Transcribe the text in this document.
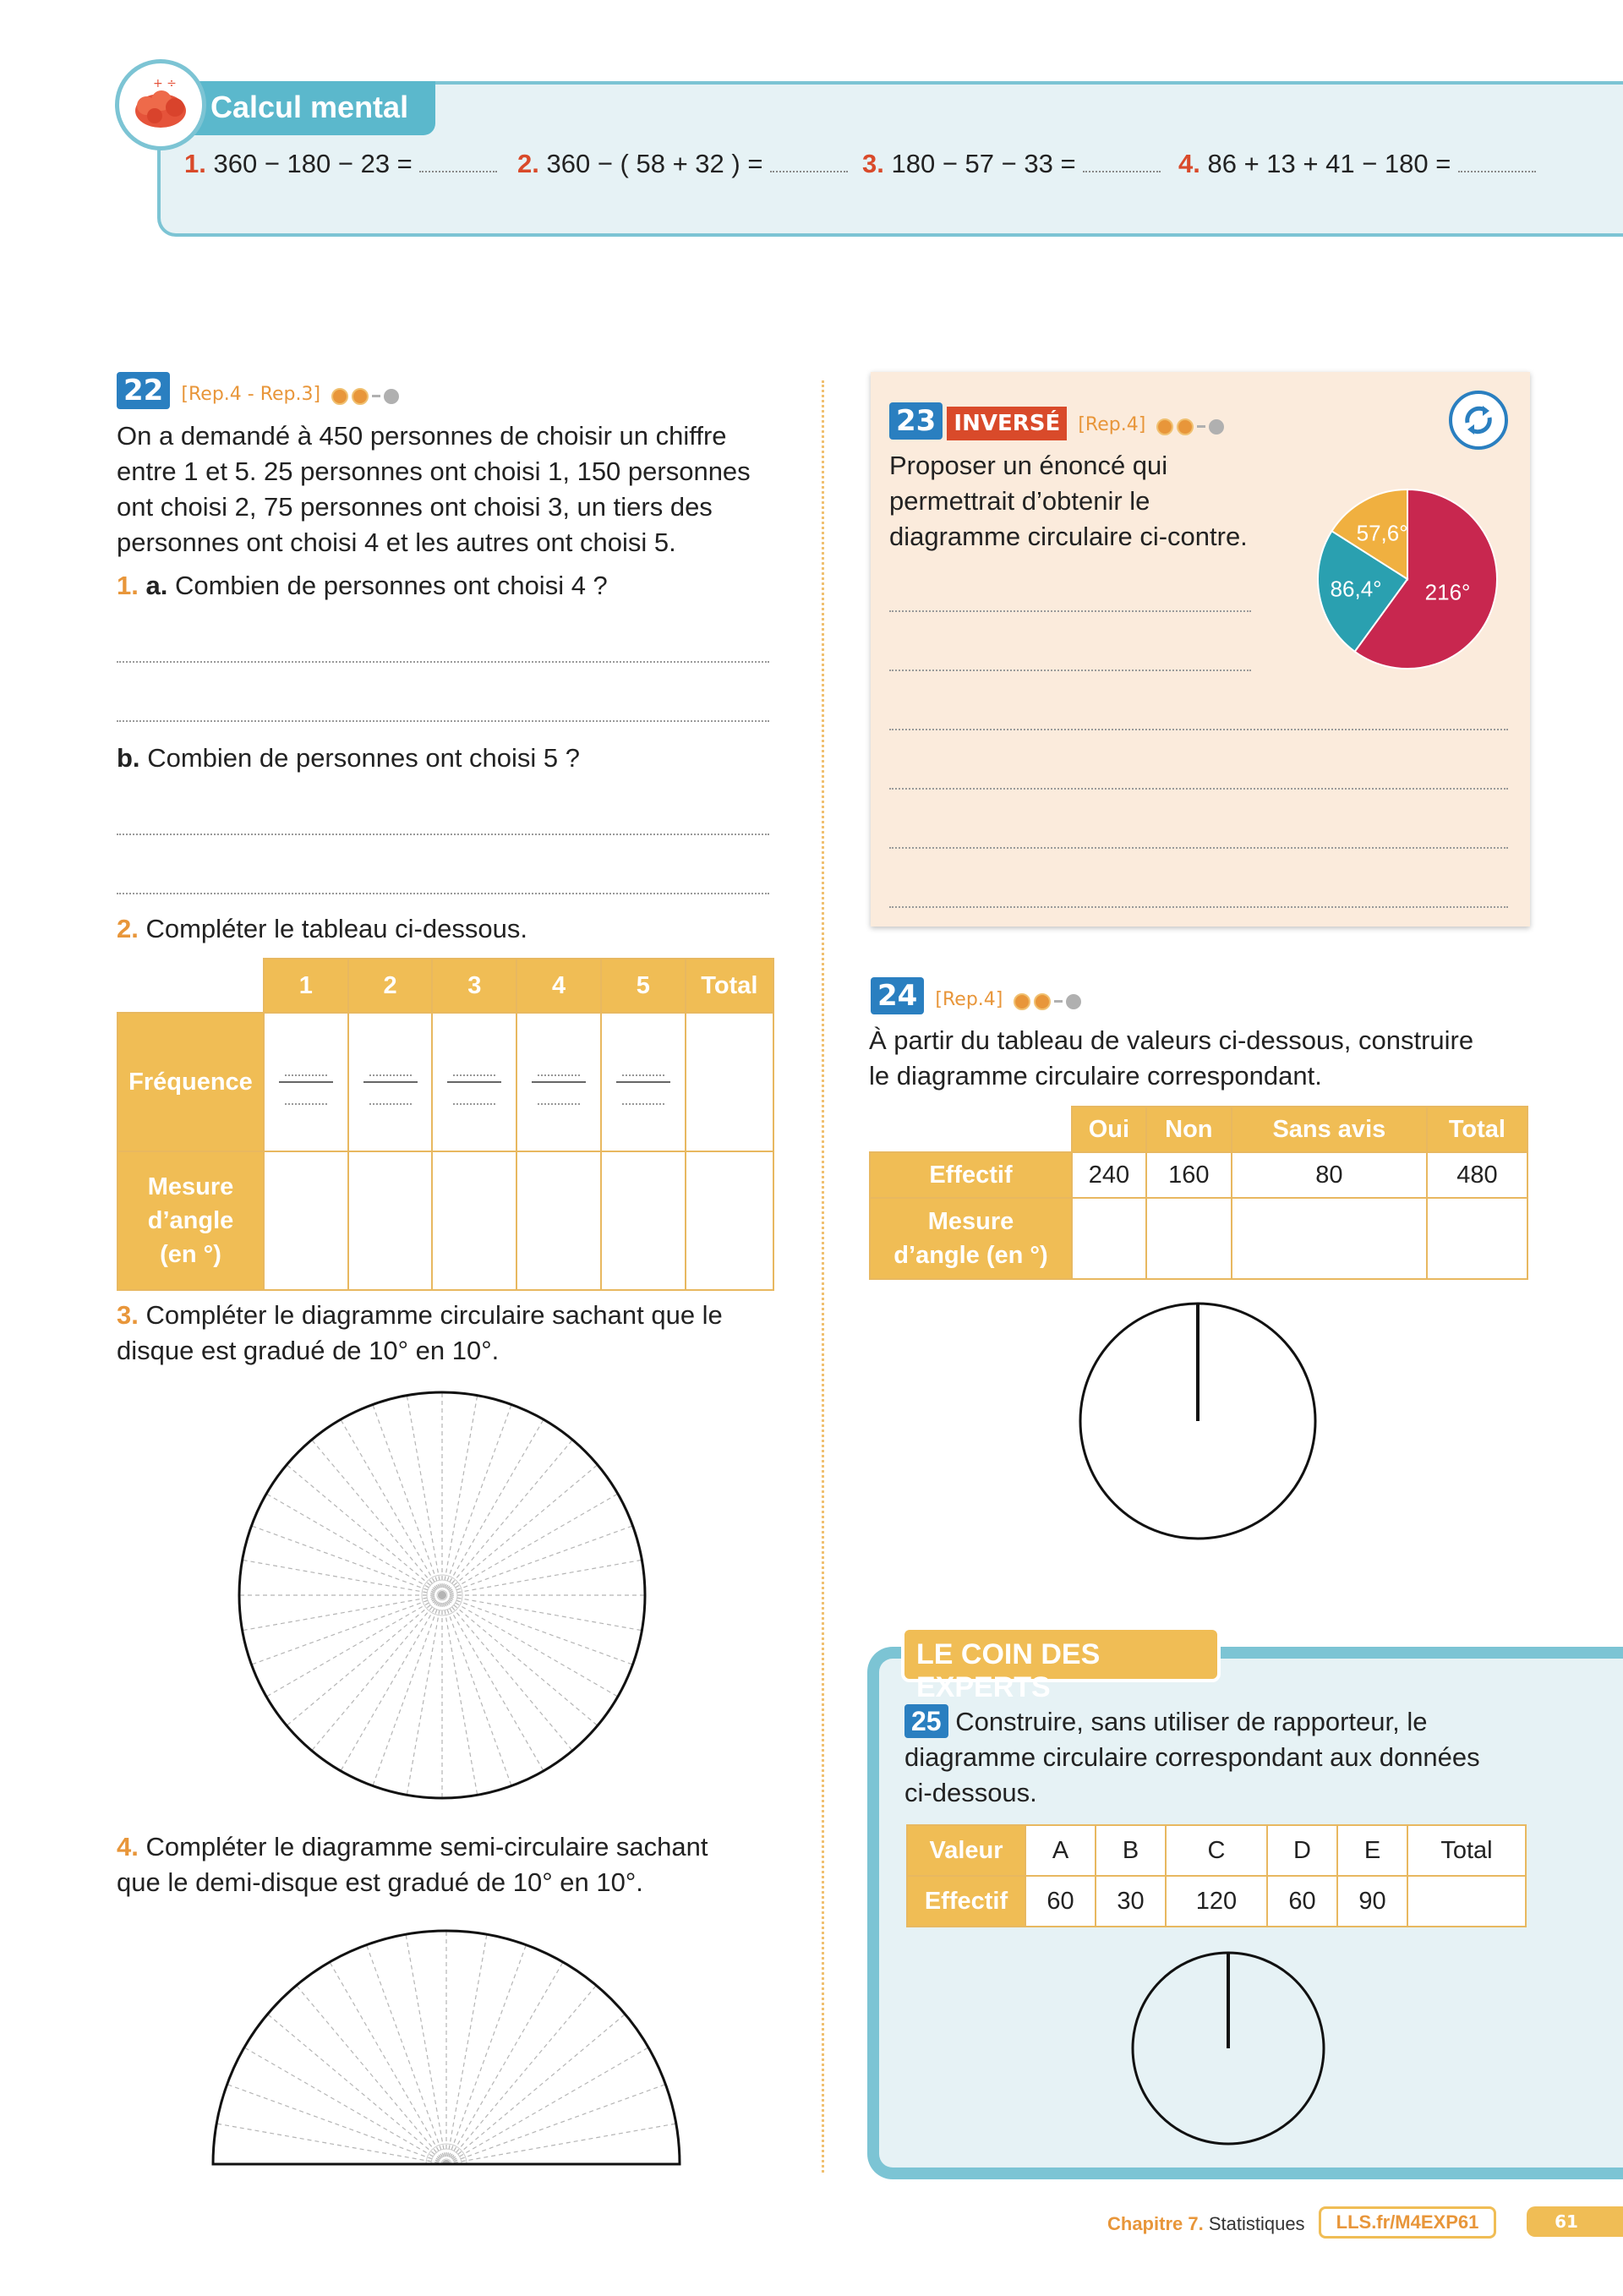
Calcul mental
+ ÷
1. 360 − 180 − 23 =	2. 360 − ( 58 + 32 ) =	3. 180 − 57 − 33 =	4. 86 + 13 + 41 − 180 =
22 [Rep.4 - Rep.3]
On a demandé à 450 personnes de choisir un chiffre
entre 1 et 5. 25 personnes ont choisi 1, 150 personnes
ont choisi 2, 75 personnes ont choisi 3, un tiers des
personnes ont choisi 4 et les autres ont choisi 5.
1. a. Combien de personnes ont choisi 4 ?
b. Combien de personnes ont choisi 5 ?
2. Compléter le tableau ci-dessous.
	1	2	3	4	5	Total
Fréquence	

Mesure
d’angle
(en °)						

3. Compléter le diagramme circulaire sachant que le
disque est gradué de 10° en 10°.
4. Compléter le diagramme semi-circulaire sachant
que le demi-disque est gradué de 10° en 10°.
23 INVERSÉ [Rep.4]
Proposer un énoncé qui
permettrait d’obtenir le
diagramme circulaire ci-contre.
216°
86,4°
57,6°
24 [Rep.4]
À partir du tableau de valeurs ci-dessous, construire
le diagramme circulaire correspondant.
	Oui	Non	Sans avis	Total
Effectif	240	160	80	480

Mesure
d’angle (en °)				

LE COIN DES EXPERTS
25 Construire, sans utiliser de rapporteur, le
diagramme circulaire correspondant aux données
ci-dessous.
Valeur	A	B	C	D	E	Total
Effectif	60	30	120	60	90	
Chapitre 7. Statistiques	LLS.fr/M4EXP61	61
